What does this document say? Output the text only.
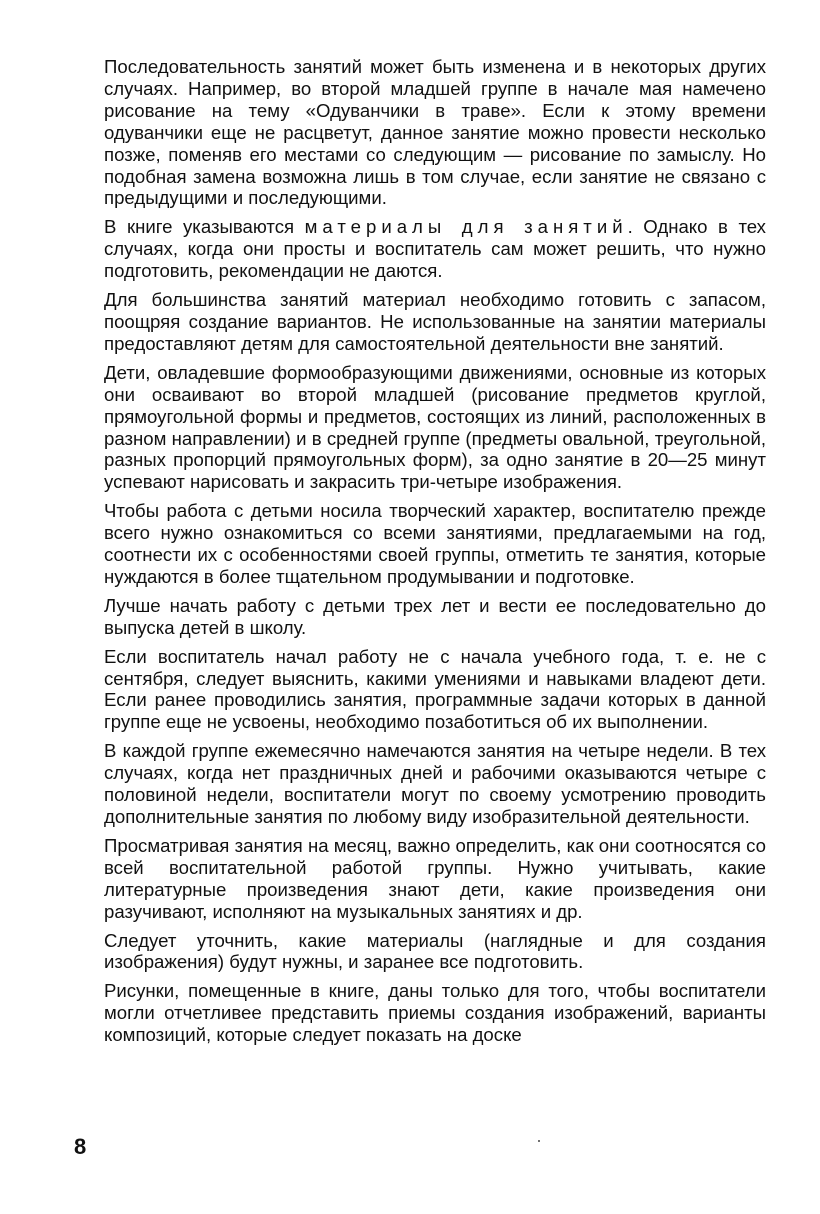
Последовательность занятий может быть изменена и в некоторых других случаях. Например, во второй младшей группе в начале мая намечено рисование на тему «Одуванчики в траве». Если к этому времени одуванчики еще не расцветут, данное занятие можно провести несколько позже, поменяв его местами со следующим — рисование по замыслу. Но подобная замена возможна лишь в том случае, если занятие не связано с предыдущими и последующими.

В книге указываются материалы для занятий. Однако в тех случаях, когда они просты и воспитатель сам может решить, что нужно подготовить, рекомендации не даются.

Для большинства занятий материал необходимо готовить с запасом, поощряя создание вариантов. Не использованные на занятии материалы предоставляют детям для самостоятельной деятельности вне занятий.

Дети, овладевшие формообразующими движениями, основные из которых они осваивают во второй младшей (рисование предметов круглой, прямоугольной формы и предметов, состоящих из линий, расположенных в разном направлении) и в средней группе (предметы овальной, треугольной, разных пропорций прямоугольных форм), за одно занятие в 20—25 минут успевают нарисовать и закрасить три-четыре изображения.

Чтобы работа с детьми носила творческий характер, воспитателю прежде всего нужно ознакомиться со всеми занятиями, предлагаемыми на год, соотнести их с особенностями своей группы, отметить те занятия, которые нуждаются в более тщательном продумывании и подготовке.

Лучше начать работу с детьми трех лет и вести ее последовательно до выпуска детей в школу.

Если воспитатель начал работу не с начала учебного года, т. е. не с сентября, следует выяснить, какими умениями и навыками владеют дети. Если ранее проводились занятия, программные задачи которых в данной группе еще не усвоены, необходимо позаботиться об их выполнении.

В каждой группе ежемесячно намечаются занятия на четыре недели. В тех случаях, когда нет праздничных дней и рабочими оказываются четыре с половиной недели, воспитатели могут по своему усмотрению проводить дополнительные занятия по любому виду изобразительной деятельности.

Просматривая занятия на месяц, важно определить, как они соотносятся со всей воспитательной работой группы. Нужно учитывать, какие литературные произведения знают дети, какие произведения они разучивают, исполняют на музыкальных занятиях и др.

Следует уточнить, какие материалы (наглядные и для создания изображения) будут нужны, и заранее все подготовить.

Рисунки, помещенные в книге, даны только для того, чтобы воспитатели могли отчетливее представить приемы создания изображений, варианты композиций, которые следует показать на доске

8
